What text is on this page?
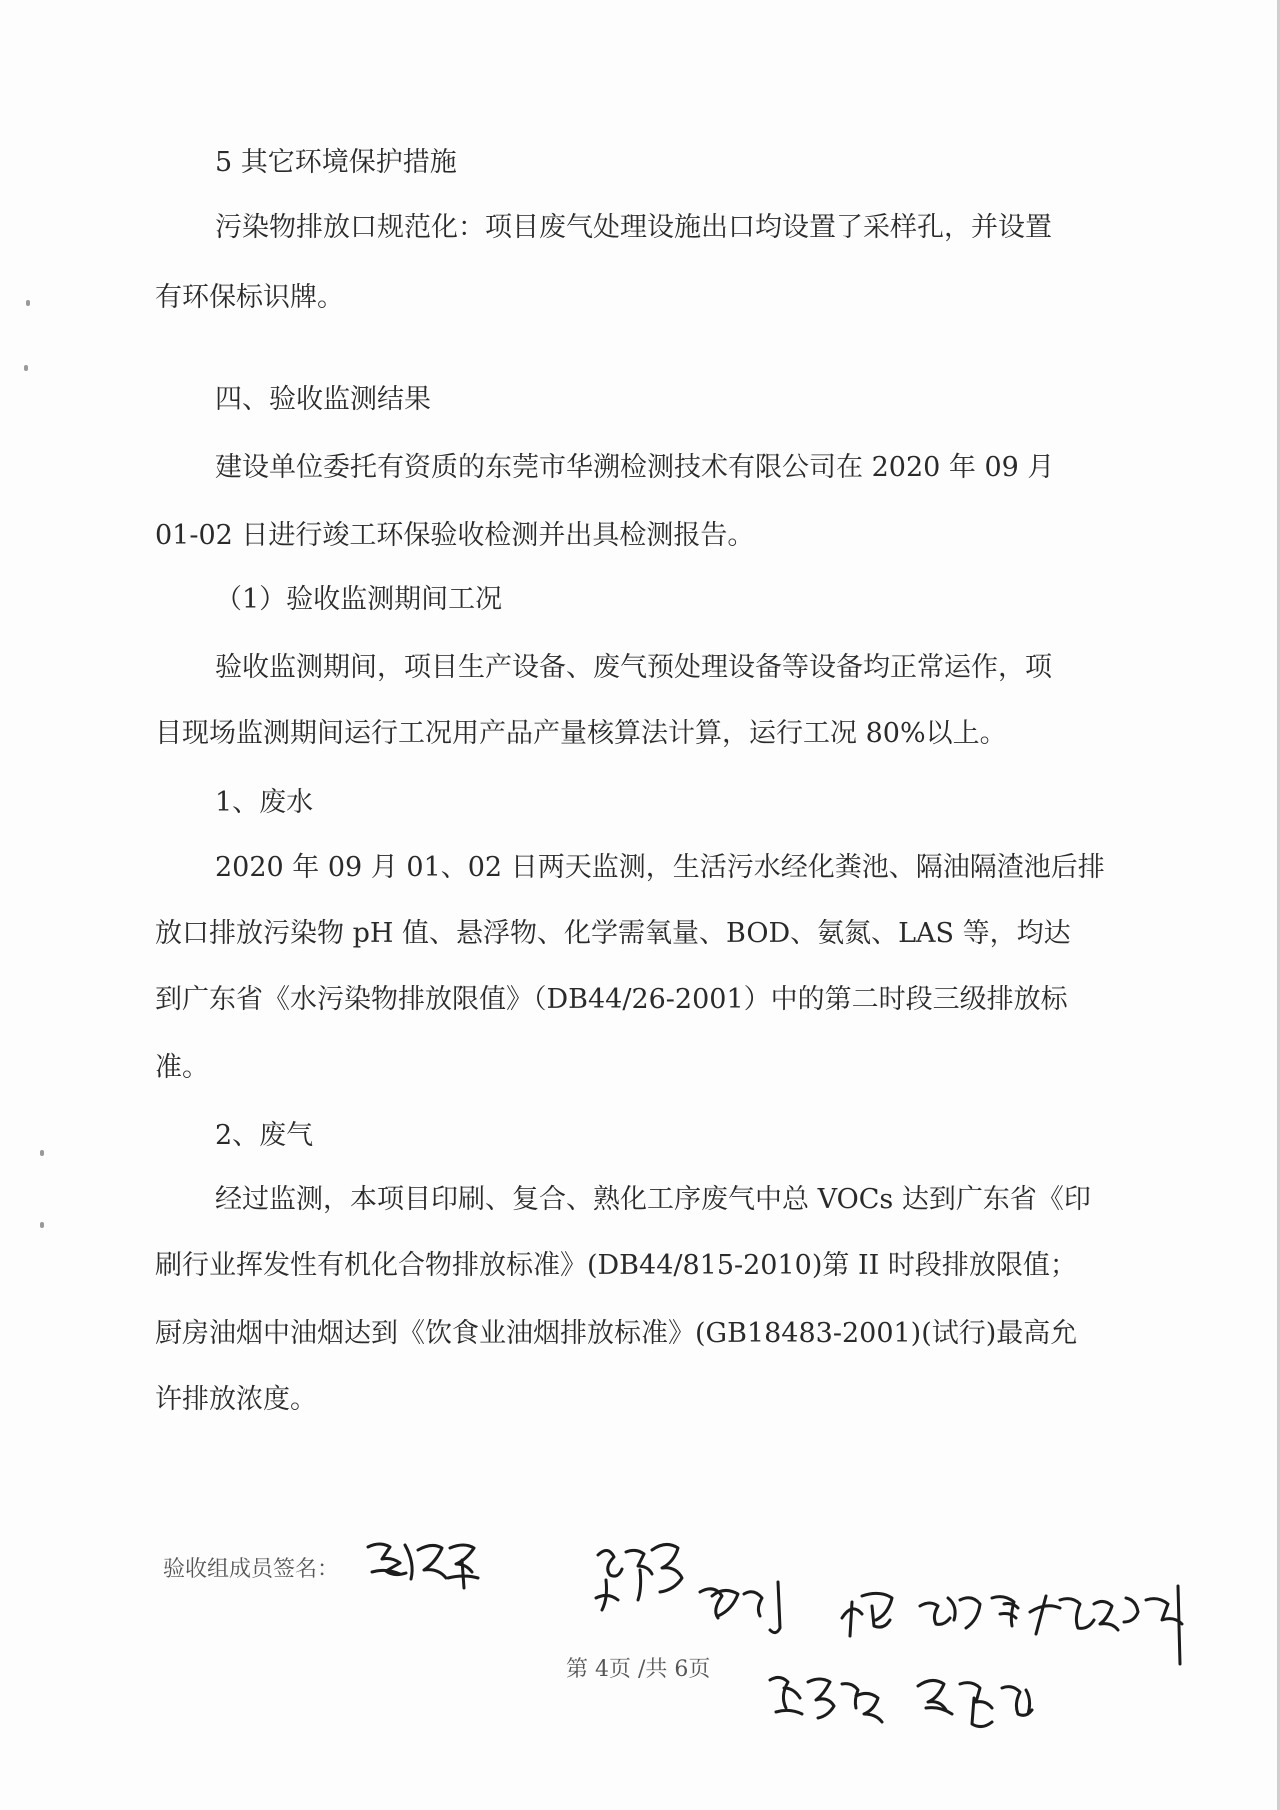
5 其它环境保护措施
污染物排放口规范化：项目废气处理设施出口均设置了采样孔，并设置
有环保标识牌。
四、验收监测结果
建设单位委托有资质的东莞市华溯检测技术有限公司在 2020 年 09 月
01-02 日进行竣工环保验收检测并出具检测报告。
（1）验收监测期间工况
验收监测期间，项目生产设备、废气预处理设备等设备均正常运作，项
目现场监测期间运行工况用产品产量核算法计算，运行工况 80%以上。
1、废水
2020 年 09 月 01、02 日两天监测，生活污水经化粪池、隔油隔渣池后排
放口排放污染物 pH 值、悬浮物、化学需氧量、BOD、氨氮、LAS 等，均达
到广东省《水污染物排放限值》（DB44/26-2001）中的第二时段三级排放标
准。
2、废气
经过监测，本项目印刷、复合、熟化工序废气中总 VOCs 达到广东省《印
刷行业挥发性有机化合物排放标准》(DB44/815-2010)第 II 时段排放限值；
厨房油烟中油烟达到《饮食业油烟排放标准》(GB18483-2001)(试行)最高允
许排放浓度。
验收组成员签名：
第 4页 /共 6页
